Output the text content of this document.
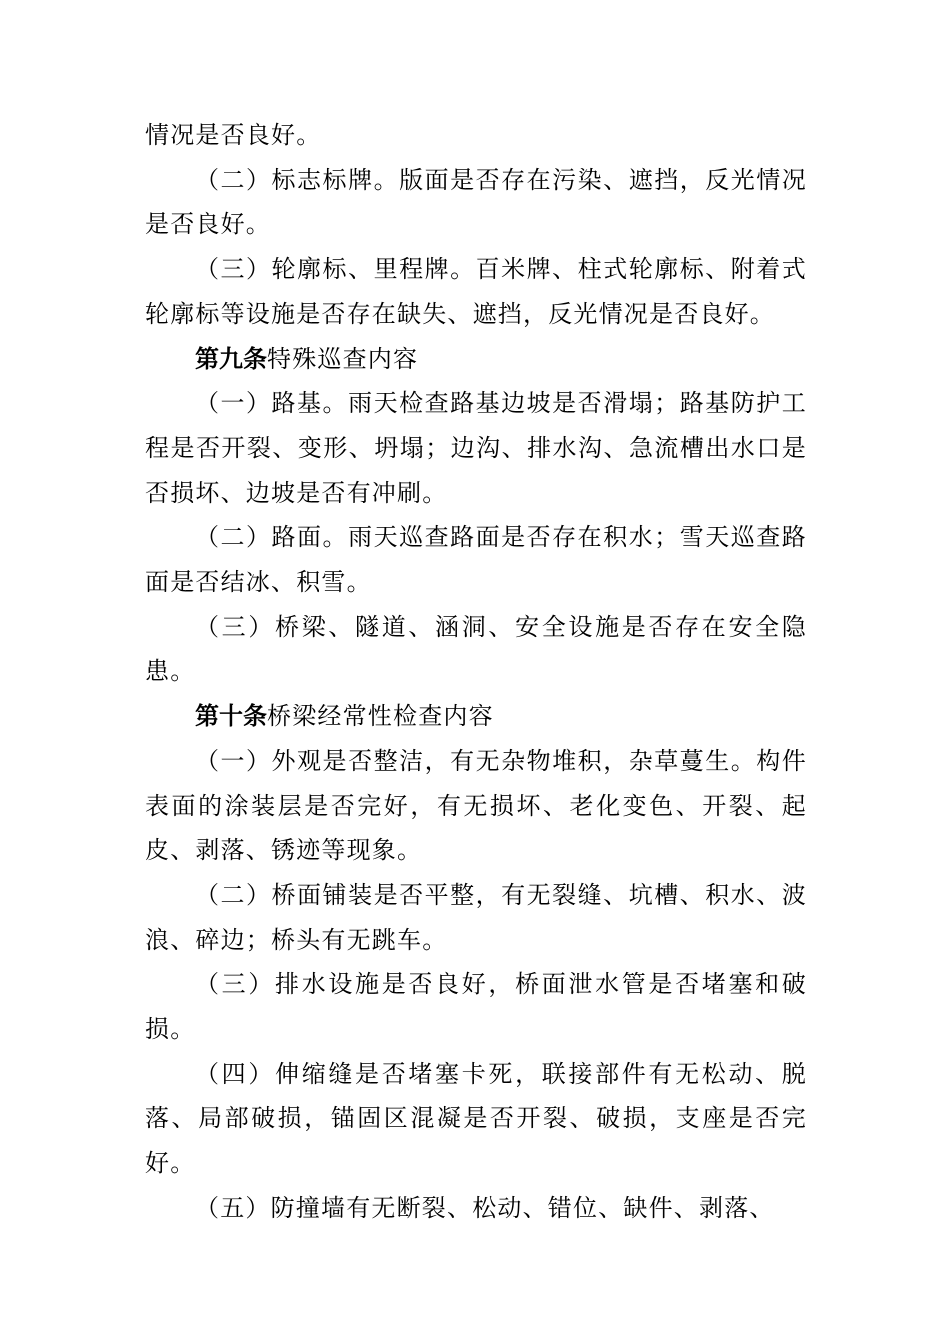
情况是否良好。

（二）标志标牌。版面是否存在污染、遮挡，反光情况是否良好。

（三）轮廓标、里程牌。百米牌、柱式轮廓标、附着式轮廓标等设施是否存在缺失、遮挡，反光情况是否良好。

第九条特殊巡查内容

（一）路基。雨天检查路基边坡是否滑塌；路基防护工程是否开裂、变形、坍塌；边沟、排水沟、急流槽出水口是否损坏、边坡是否有冲刷。

（二）路面。雨天巡查路面是否存在积水；雪天巡查路面是否结冰、积雪。

（三）桥梁、隧道、涵洞、安全设施是否存在安全隐患。

第十条桥梁经常性检查内容

（一）外观是否整洁，有无杂物堆积，杂草蔓生。构件表面的涂装层是否完好，有无损坏、老化变色、开裂、起皮、剥落、锈迹等现象。

（二）桥面铺装是否平整，有无裂缝、坑槽、积水、波浪、碎边；桥头有无跳车。

（三）排水设施是否良好，桥面泄水管是否堵塞和破损。

（四）伸缩缝是否堵塞卡死，联接部件有无松动、脱落、局部破损，锚固区混凝是否开裂、破损，支座是否完好。

（五）防撞墙有无断裂、松动、错位、缺件、剥落、
